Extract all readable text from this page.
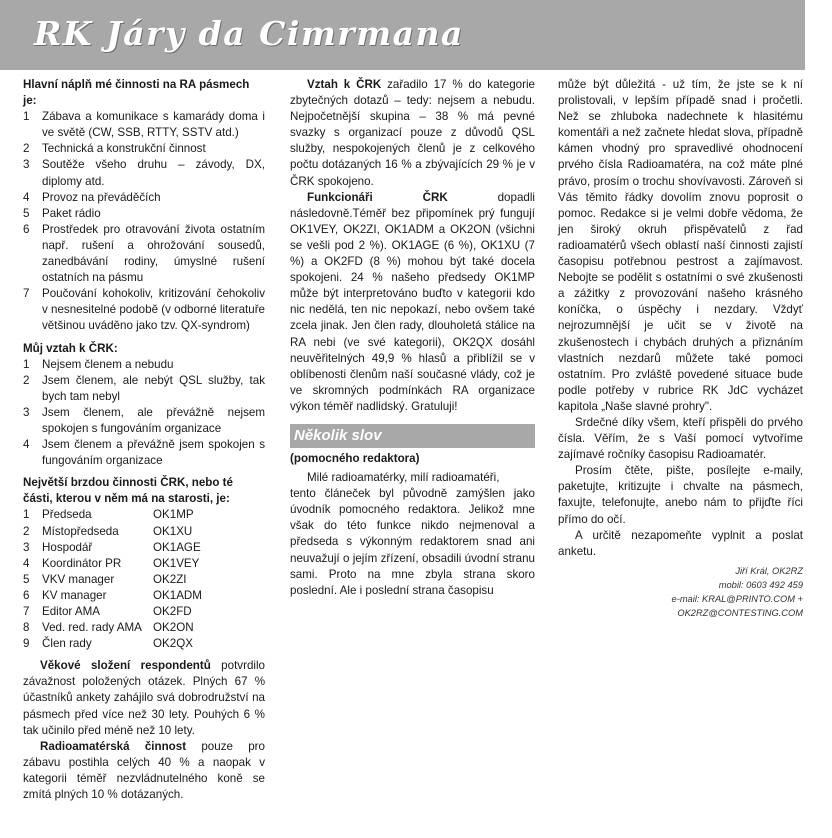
RK Járy da Cimrmana
Hlavní náplň mé činnosti na RA pásmech je:
1 Zábava a komunikace s kamarády doma i ve světě (CW, SSB, RTTY, SSTV atd.)
2 Technická a konstrukční činnost
3 Soutěže všeho druhu – závody, DX, diplomy atd.
4 Provoz na převáděčích
5 Paket rádio
6 Prostředek pro otravování života ostatním např. rušení a ohrožování sousedů, zanedbávání rodiny, úmyslné rušení ostatních na pásmu
7 Poučování kohokoliv, kritizování čehokoliv v nesnesitelné podobě (v odborné literatuře většinou uváděno jako tzv. QX-syndrom)
Můj vztah k ČRK:
1 Nejsem členem a nebudu
2 Jsem členem, ale nebýt QSL služby, tak bych tam nebyl
3 Jsem členem, ale převážně nejsem spokojen s fungováním organizace
4 Jsem členem a převážně jsem spokojen s fungováním organizace
Největší brzdou činnosti ČRK, nebo té části, kterou v něm má na starosti, je:
1	Předseda	OK1MP
2	Místopředseda	OK1XU
3	Hospodář	OK1AGE
4	Koordinátor PR	OK1VEY
5	VKV manager	OK2ZI
6	KV manager	OK1ADM
7	Editor AMA	OK2FD
8	Ved. red. rady AMA OK2ON
9	Člen rady	OK2QX

Věkové složení respondentů potvrdilo závažnost položených otázek. Plných 67 % účastníků ankety zahájilo svá dobrodružství na pásmech před více než 30 lety. Pouhých 6 % tak učinilo před méně než 10 lety.

Radioamatérská činnost pouze pro zábavu postihla celých 40 % a naopak v kategorii téměř nezvládnutelného koně se zmítá plných 10 % dotázaných.

Vztah k ČRK zařadilo 17 % do kategorie zbytečných dotazů – tedy: nejsem a nebudu. Nejpočetnější skupina – 38 % má pevné svazky s organizací pouze z důvodů QSL služby, nespokojených členů je z celkového počtu dotázaných 16 % a zbývajících 29 % je v ČRK spokojeno.

Funkcionáři ČRK dopadli následovně.Téměř bez připomínek prý fungují OK1VEY, OK2ZI, OK1ADM a OK2ON (všichni se vešli pod 2 %). OK1AGE (6 %), OK1XU (7 %) a OK2FD (8 %) mohou být také docela spokojeni. 24 % našeho předsedy OK1MP může být interpretováno buďto v kategorii kdo nic nedělá, ten nic nepokazí, nebo ovšem také zcela jinak. Jen člen rady, dlouholetá stálice na RA nebi (ve své kategorii), OK2QX dosáhl neuvěřitelných 49,9 % hlasů a přiblížil se v oblíbenosti členům naší současné vlády, což je ve skromných podmínkách RA organizace výkon téměř nadlidský. Gratuluji!

Několik slov
(pomocného redaktora)

Milé radioamatérky, milí radioamatéři,

tento článeček byl původně zamýšlen jako úvodník pomocného redaktora. Jelikož mne však do této funkce nikdo nejmenoval a předseda s výkonným redaktorem snad ani neuvažují o jejím zřízení, obsadili úvodní stranu sami. Proto na mne zbyla strana skoro poslední. Ale i poslední strana časopisu

může být důležitá - už tím, že jste se k ní prolistovali, v lepším případě snad i pročetli. Než se zhluboka nadechnete k hlasitému komentáři a než začnete hledat slova, případně kámen vhodný pro spravedlivé ohodnocení prvého čísla Radioamatéra, na což máte plné právo, prosím o trochu shovívavosti. Zároveň si Vás těmito řádky dovolím znovu poprosit o pomoc. Redakce si je velmi dobře vědoma, že jen široký okruh přispěvatelů z řad radioamatérů všech oblastí naší činnosti zajistí časopisu potřebnou pestrost a zajímavost. Nebojte se podělit s ostatními o své zkušenosti a zážitky z provozování našeho krásného koníčka, o úspěchy i nezdary. Vždyť nejrozumnější je učit se v životě na zkušenostech i chybách druhých a přiznáním vlastních nezdarů můžete také pomoci ostatním. Pro zvláště povedené situace bude podle potřeby v rubrice RK JdC vycházet kapitola „Naše slavné prohry".

Srdečné díky všem, kteří přispěli do prvého čísla. Věřím, že s Vaší pomocí vytvoříme zajímavé ročníky časopisu Radioamatér.

Prosím čtěte, pište, posílejte e-maily, paketujte, kritizujte i chvalte na pásmech, faxujte, telefonujte, anebo nám to přijďte říci přímo do očí.

A určitě nezapomeňte vyplnit a poslat anketu.

Jiří Král, OK2RZ
mobil: 0603 492 459
e-mail: KRAL@PRINTO.COM + OK2RZ@CONTESTING.COM
